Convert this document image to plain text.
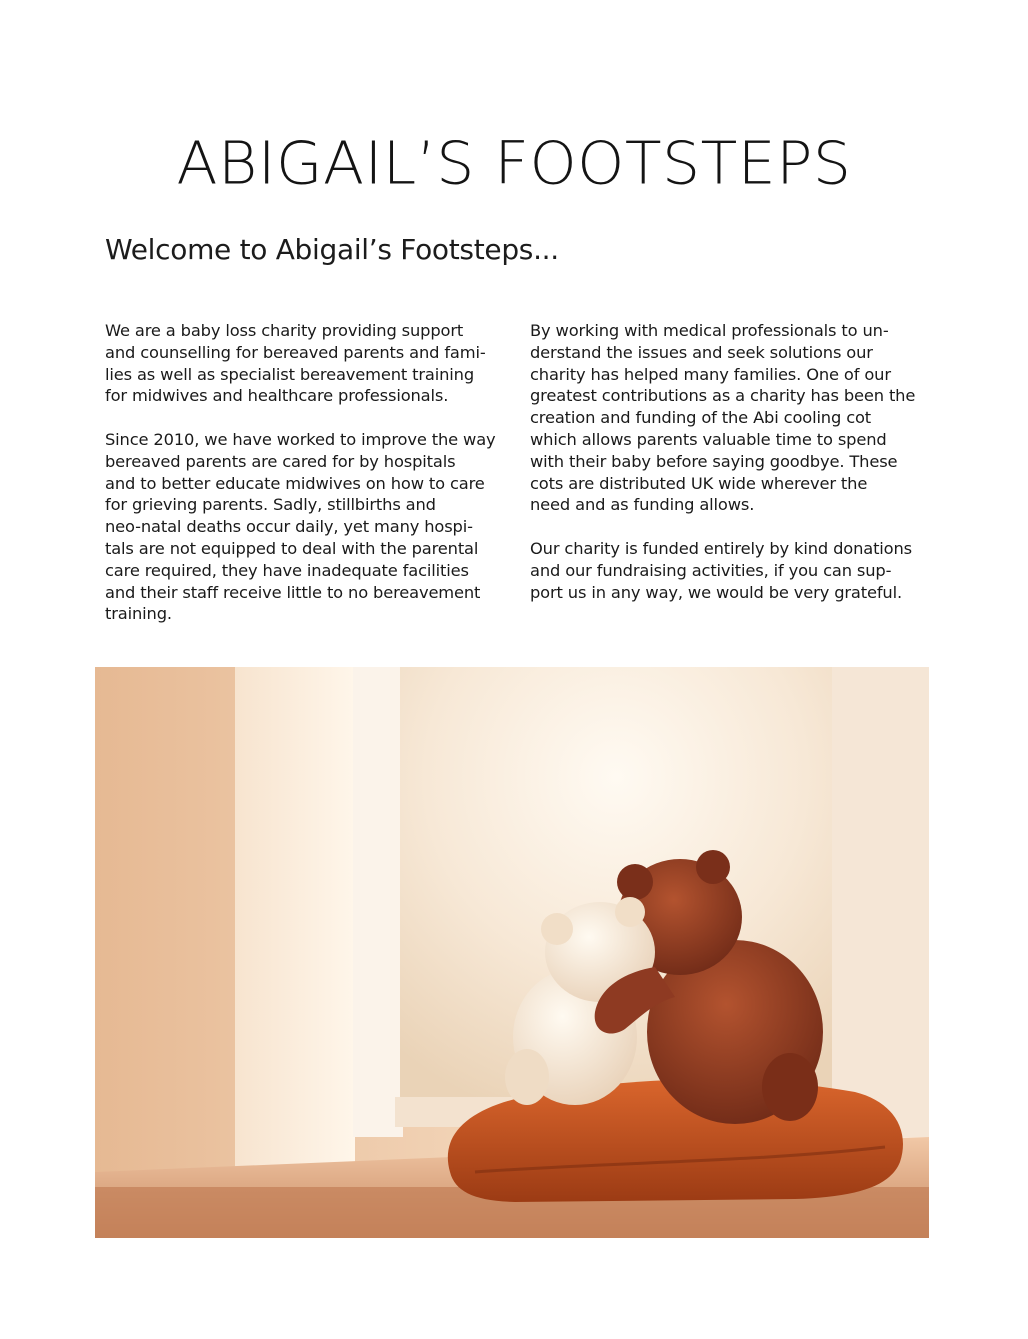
ABIGAIL’S FOOTSTEPS
Welcome to Abigail’s Footsteps...
We are a baby loss charity providing support
and counselling for bereaved parents and fami-
lies as well as specialist bereavement training
for midwives and healthcare professionals.
Since 2010, we have worked to improve the way
bereaved parents are cared for by hospitals
and to better educate midwives on how to care
for grieving parents. Sadly, stillbirths and
neo-natal deaths occur daily, yet many hospi-
tals are not equipped to deal with the parental
care required, they have inadequate facilities
and their staff receive little to no bereavement
training.
By working with medical professionals to un-
derstand the issues and seek solutions our
charity has helped many families. One of our
greatest contributions as a charity has been the
creation and funding of the Abi cooling cot
which allows parents valuable time to spend
with their baby before saying goodbye. These
cots are distributed UK wide wherever the
need and as funding allows.
Our charity is funded entirely by kind donations
and our fundraising activities, if you can sup-
port us in any way, we would be very grateful.
